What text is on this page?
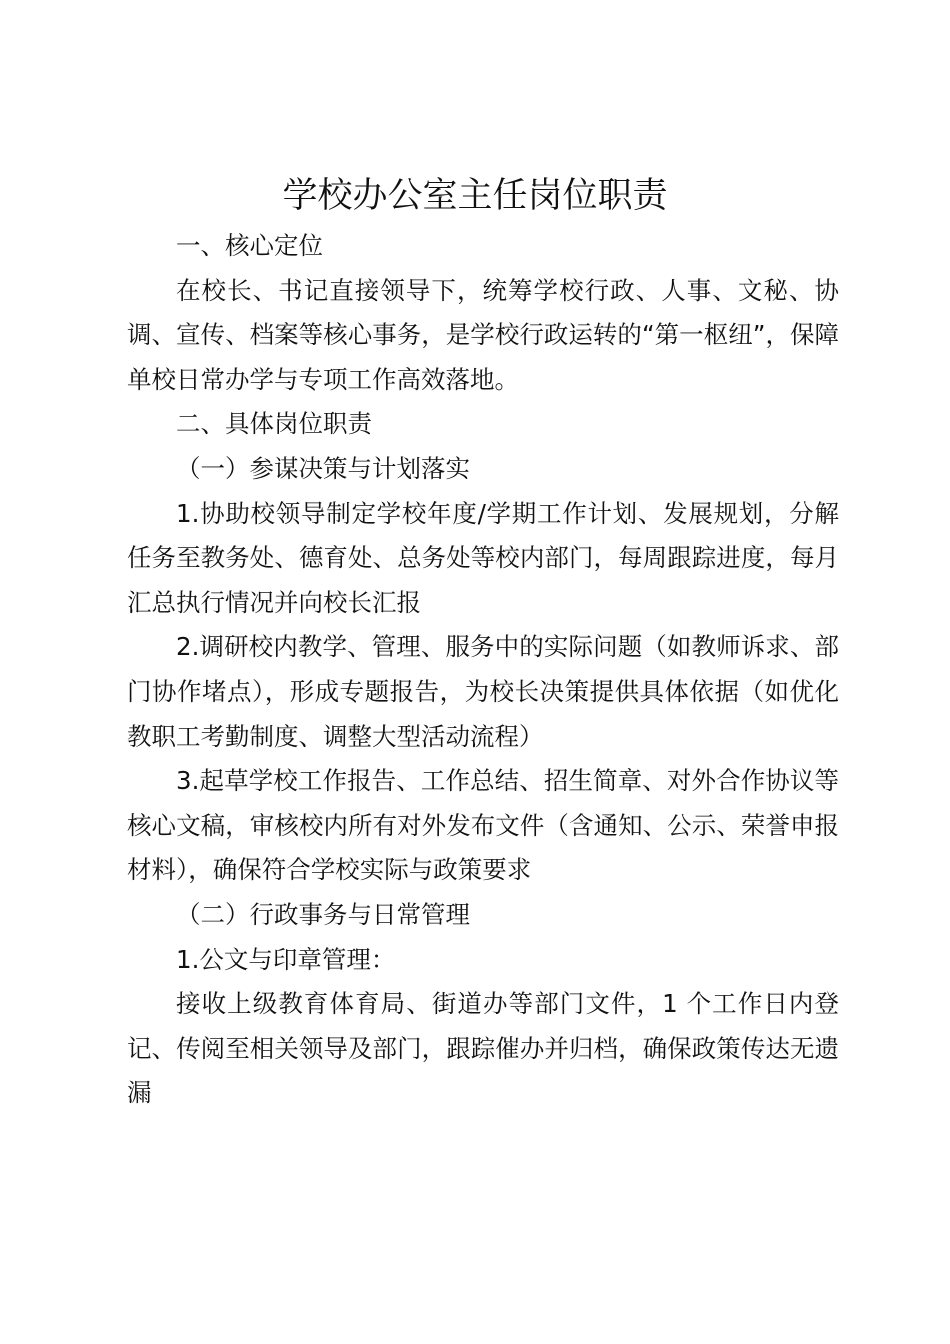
学校办公室主任岗位职责

一、核心定位

在校长、书记直接领导下，统筹学校行政、人事、文秘、协调、宣传、档案等核心事务，是学校行政运转的“第一枢纽”，保障单校日常办学与专项工作高效落地。

二、具体岗位职责

（一）参谋决策与计划落实

1.协助校领导制定学校年度/学期工作计划、发展规划，分解任务至教务处、德育处、总务处等校内部门，每周跟踪进度，每月汇总执行情况并向校长汇报

2.调研校内教学、管理、服务中的实际问题（如教师诉求、部门协作堵点），形成专题报告，为校长决策提供具体依据（如优化教职工考勤制度、调整大型活动流程）

3.起草学校工作报告、工作总结、招生简章、对外合作协议等核心文稿，审核校内所有对外发布文件（含通知、公示、荣誉申报材料），确保符合学校实际与政策要求

（二）行政事务与日常管理

1.公文与印章管理：

接收上级教育体育局、街道办等部门文件，1 个工作日内登记、传阅至相关领导及部门，跟踪催办并归档，确保政策传达无遗漏
